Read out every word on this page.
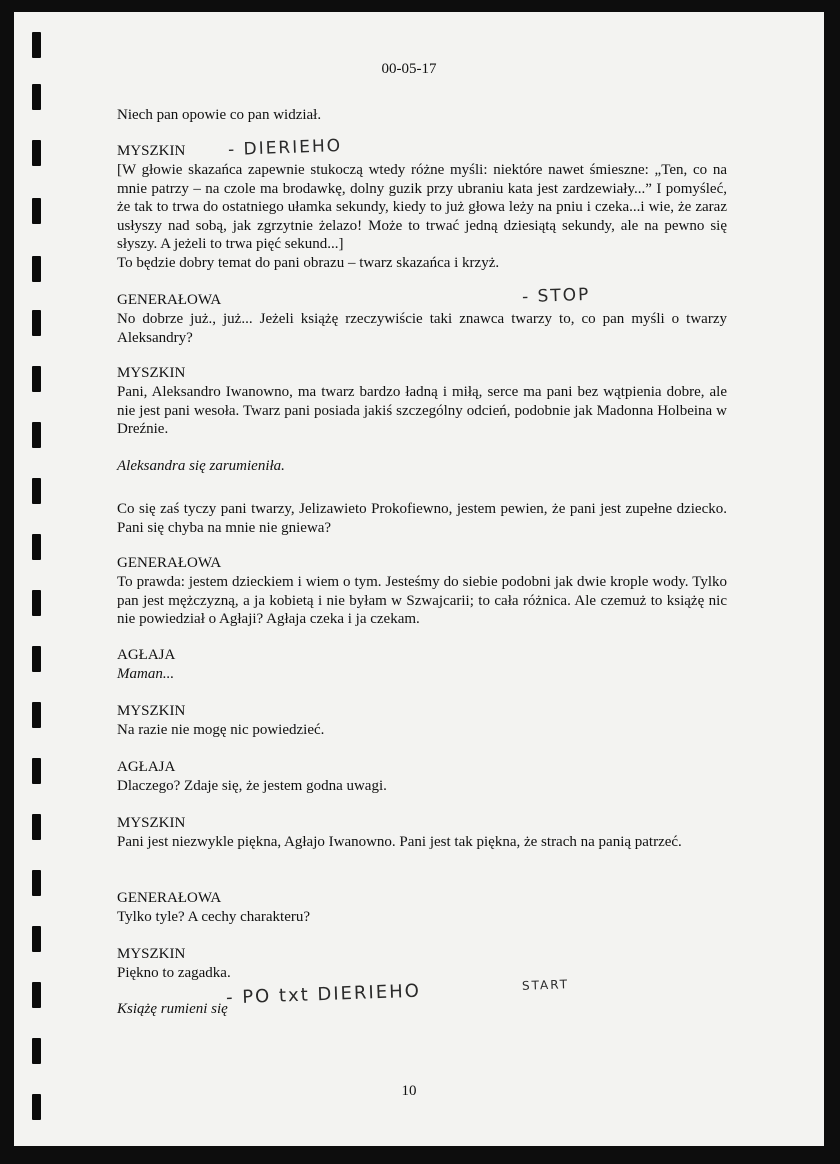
00-05-17
Niech pan opowie co pan widział.
MYSZKIN - DIERIEHO
[W głowie skazańca zapewnie stukoczą wtedy różne myśli: niektóre nawet śmieszne: „Ten, co na mnie patrzy – na czole ma brodawkę, dolny guzik przy ubraniu kata jest zardzewiały...” I pomyśleć, że tak to trwa do ostatniego ułamka sekundy, kiedy to już głowa leży na pniu i czeka...i wie, że zaraz usłyszy nad sobą, jak zgrzytnie żelazo! Może to trwać jedną dziesiątą sekundy, ale na pewno się słyszy. A jeżeli to trwa pięć sekund...]
To będzie dobry temat do pani obrazu – twarz skazańca i krzyż.
GENERAŁOWA	- STOP
No dobrze już., już... Jeżeli książę rzeczywiście taki znawca twarzy to, co pan myśli o twarzy Aleksandry?
MYSZKIN
Pani, Aleksandro Iwanowno, ma twarz bardzo ładną i miłą, serce ma pani bez wątpienia dobre, ale nie jest pani wesoła. Twarz pani posiada jakiś szczególny odcień, podobnie jak Madonna Holbeina w Dreźnie.
Aleksandra się zarumieniła.
Co się zaś tyczy pani twarzy, Jelizawieto Prokofiewno, jestem pewien, że pani jest zupełne dziecko. Pani się chyba na mnie nie gniewa?
GENERAŁOWA
To prawda: jestem dzieckiem i wiem o tym. Jesteśmy do siebie podobni jak dwie krople wody. Tylko pan jest mężczyzną, a ja kobietą i nie byłam w Szwajcarii; to cała różnica. Ale czemuż to książę nic nie powiedział o Agłaji? Agłaja czeka i ja czekam.
AGŁAJA
Maman...
MYSZKIN
Na razie nie mogę nic powiedzieć.
AGŁAJA
Dlaczego? Zdaje się, że jestem godna uwagi.
MYSZKIN
Pani jest niezwykle piękna, Agłajo Iwanowno. Pani jest tak piękna, że strach na panią patrzeć.
GENERAŁOWA
Tylko tyle? A cechy charakteru?
MYSZKIN
Piękno to zagadka.
Książę rumieni się
- PO txt DIERIEHO	START
10
